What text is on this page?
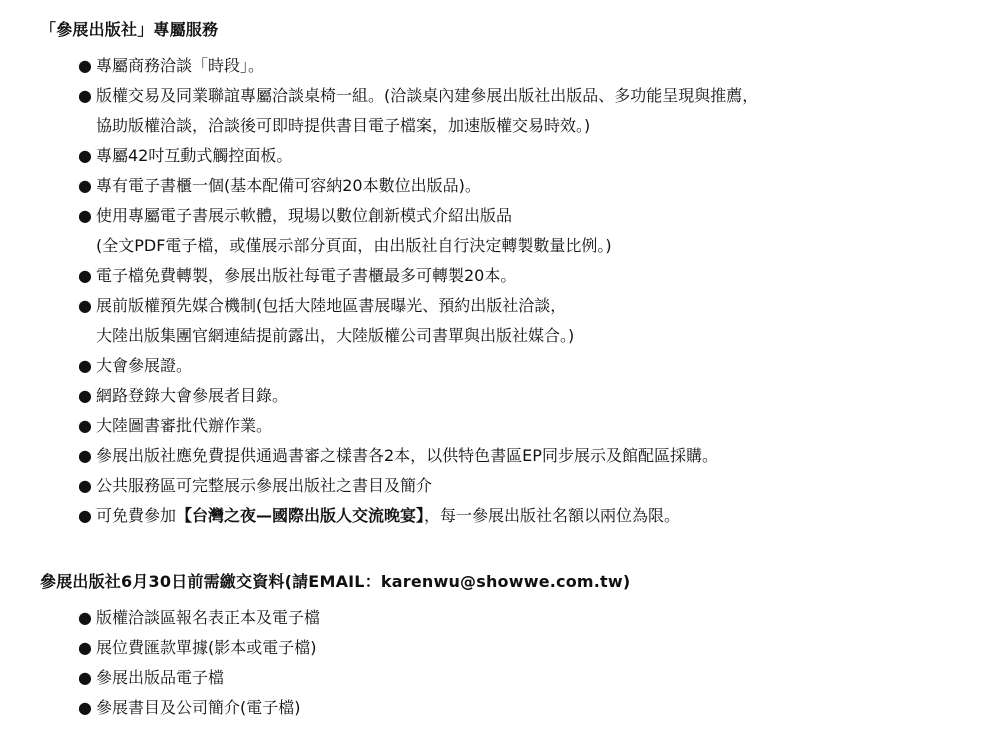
「參展出版社」專屬服務
● 專屬商務洽談「時段」。
● 版權交易及同業聯誼專屬洽談桌椅一組。(洽談桌內建參展出版社出版品、多功能呈現與推薦，
協助版權洽談，洽談後可即時提供書目電子檔案，加速版權交易時效。)
● 專屬42吋互動式觸控面板。
● 專有電子書櫃一個(基本配備可容納20本數位出版品)。
● 使用專屬電子書展示軟體，現場以數位創新模式介紹出版品
(全文PDF電子檔，或僅展示部分頁面，由出版社自行決定轉製數量比例。)
● 電子檔免費轉製，參展出版社每電子書櫃最多可轉製20本。
● 展前版權預先媒合機制(包括大陸地區書展曝光、預約出版社洽談，
大陸出版集團官網連結提前露出，大陸版權公司書單與出版社媒合。)
● 大會參展證。
● 網路登錄大會參展者目錄。
● 大陸圖書審批代辦作業。
● 參展出版社應免費提供通過書審之樣書各2本，以供特色書區EP同步展示及館配區採購。
● 公共服務區可完整展示參展出版社之書目及簡介
● 可免費參加【台灣之夜—國際出版人交流晚宴】，每一參展出版社名額以兩位為限。
參展出版社6月30日前需繳交資料(請EMAIL：karenwu@showwe.com.tw)
● 版權洽談區報名表正本及電子檔
● 展位費匯款單據(影本或電子檔)
● 參展出版品電子檔
● 參展書目及公司簡介(電子檔)
